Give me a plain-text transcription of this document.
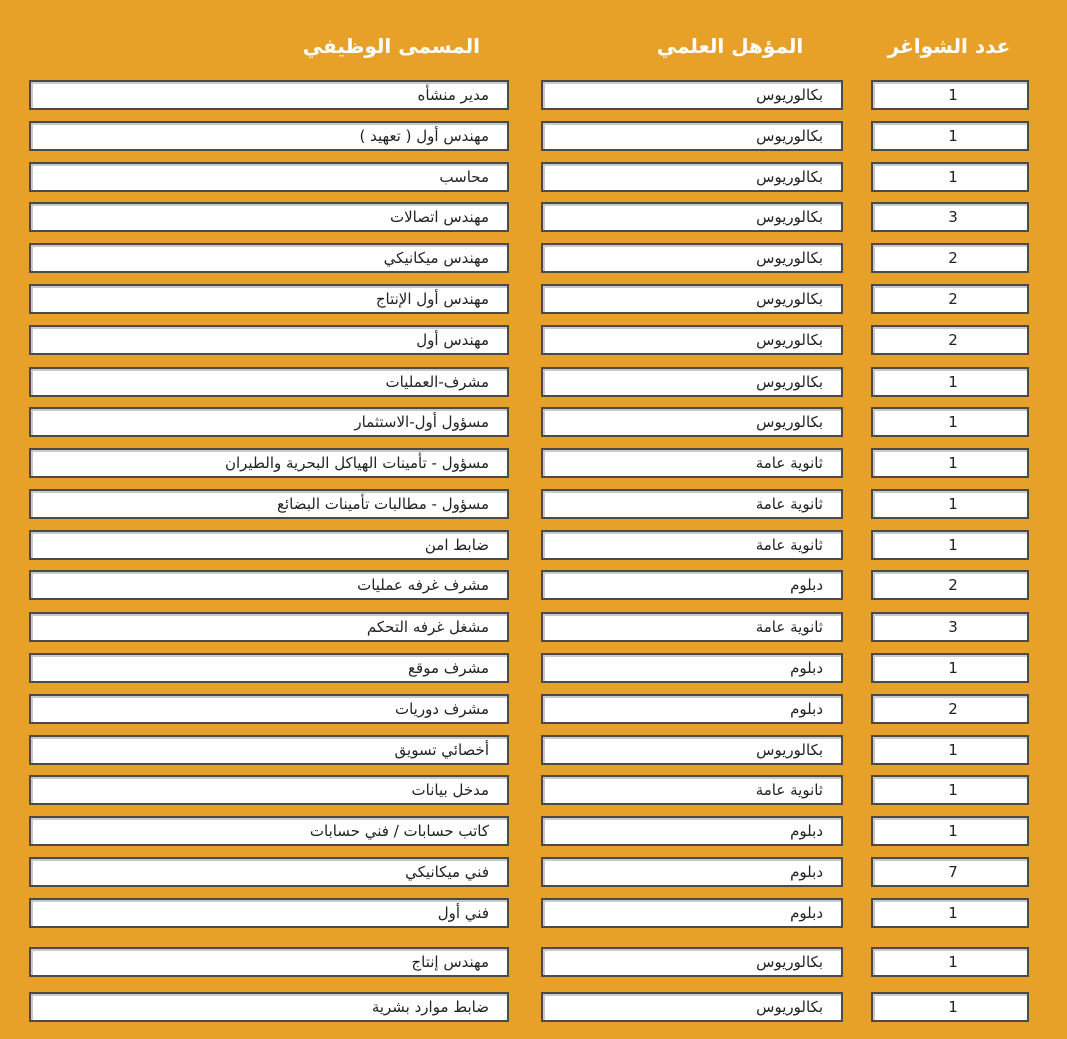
عدد الشواغر
المؤهل العلمي
المسمى الوظيفي
1
بكالوريوس
مدير منشأه
1
بكالوريوس
مهندس أول ( تعهيد )
1
بكالوريوس
محاسب
3
بكالوريوس
مهندس اتصالات
2
بكالوريوس
مهندس ميكانيكي
2
بكالوريوس
مهندس أول الإنتاج
2
بكالوريوس
مهندس أول
1
بكالوريوس
مشرف-العمليات
1
بكالوريوس
مسؤول أول-الاستثمار
1
ثانوية عامة
مسؤول - تأمينات الهياكل البحرية والطيران
1
ثانوية عامة
مسؤول - مطالبات تأمينات البضائع
1
ثانوية عامة
ضابط امن
2
دبلوم
مشرف غرفه عمليات
3
ثانوية عامة
مشغل غرفه التحكم
1
دبلوم
مشرف موقع
2
دبلوم
مشرف دوريات
1
بكالوريوس
أخصائي تسويق
1
ثانوية عامة
مدخل بيانات
1
دبلوم
كاتب حسابات / فني حسابات
7
دبلوم
فني ميكانيكي
1
دبلوم
فني أول
1
بكالوريوس
مهندس إنتاج
1
بكالوريوس
ضابط موارد بشرية
